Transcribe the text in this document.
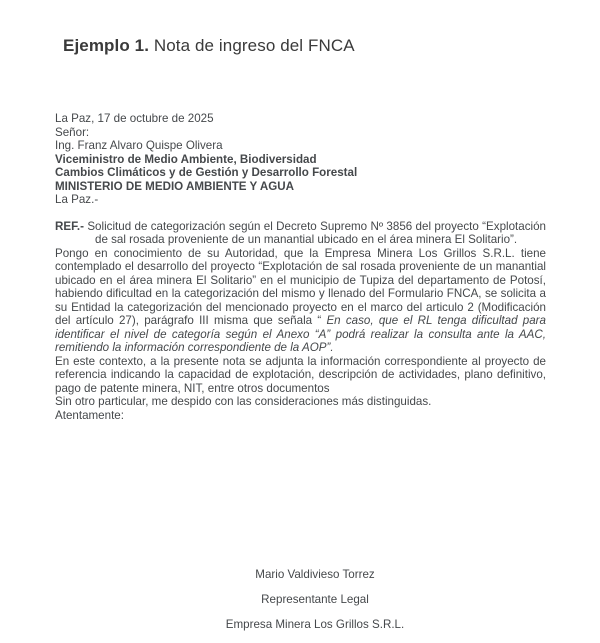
Ejemplo 1. Nota de ingreso del FNCA

La Paz, 17 de octubre de 2025

Señor:

Ing. Franz Alvaro Quispe Olivera

Viceministro de Medio Ambiente, Biodiversidad

Cambios Climáticos y de Gestión y Desarrollo Forestal

MINISTERIO DE MEDIO AMBIENTE Y AGUA

La Paz.-

REF.- Solicitud de categorización según el Decreto Supremo Nº 3856 del proyecto “Explotación de sal rosada proveniente de un manantial ubicado en el área minera El Solitario”.

Pongo en conocimiento de su Autoridad, que la Empresa Minera Los Grillos S.R.L. tiene contemplado el desarrollo del proyecto “Explotación de sal rosada proveniente de un manantial ubicado en el área minera El Solitario” en el municipio de Tupiza del departamento de Potosí, habiendo dificultad en la categorización del mismo y llenado del Formulario FNCA, se solicita a su Entidad la categorización del mencionado proyecto en el marco del articulo 2 (Modificación del artículo 27), parágrafo III misma que señala “ En caso, que el RL tenga dificultad para identificar el nivel de categoría según el Anexo “A” podrá realizar la consulta ante la AAC, remitiendo la información correspondiente de la AOP”.

En este contexto, a la presente nota se adjunta la información correspondiente al proyecto de referencia indicando la capacidad de explotación, descripción de actividades, plano definitivo, pago de patente minera, NIT, entre otros documentos

Sin otro particular, me despido con las consideraciones más distinguidas.

Atentamente:

Mario Valdivieso Torrez

Representante Legal

Empresa Minera Los Grillos S.R.L.
